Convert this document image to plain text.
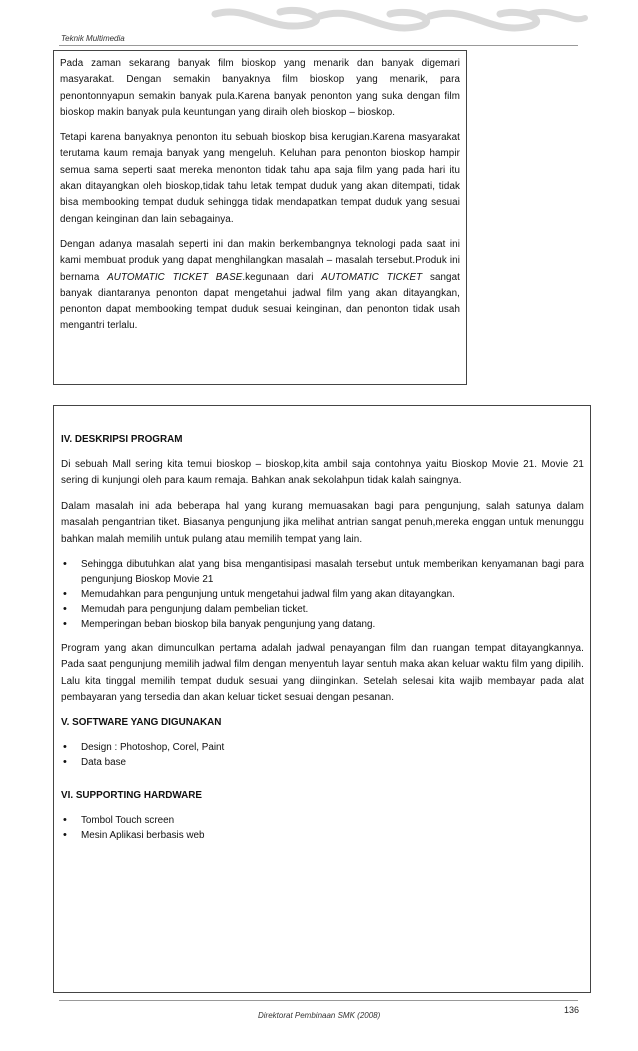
Teknik Multimedia

Pada zaman sekarang banyak film bioskop yang menarik dan banyak digemari masyarakat. Dengan semakin banyaknya film bioskop yang menarik, para penontonnyapun semakin banyak pula.Karena banyak penonton yang suka dengan film bioskop makin banyak pula keuntungan yang diraih oleh bioskop – bioskop.

Tetapi karena banyaknya penonton itu sebuah bioskop bisa kerugian.Karena masyarakat terutama kaum remaja banyak yang mengeluh. Keluhan para penonton bioskop hampir semua sama seperti saat mereka menonton tidak tahu apa saja film yang pada hari itu akan ditayangkan oleh bioskop,tidak tahu letak tempat duduk yang akan ditempati, tidak bisa membooking tempat duduk sehingga tidak mendapatkan tempat duduk yang sesuai dengan keinginan dan lain sebagainya.

Dengan adanya masalah seperti ini dan makin berkembangnya teknologi pada saat ini kami membuat produk yang dapat menghilangkan masalah – masalah tersebut.Produk ini bernama AUTOMATIC TICKET BASE.kegunaan dari AUTOMATIC TICKET sangat banyak diantaranya penonton dapat mengetahui jadwal film yang akan ditayangkan, penonton dapat membooking tempat duduk sesuai keinginan, dan penonton tidak usah mengantri terlalu.

IV. DESKRIPSI PROGRAM

Di sebuah Mall sering kita temui bioskop – bioskop,kita ambil saja contohnya yaitu Bioskop Movie 21. Movie 21 sering di kunjungi oleh para kaum remaja. Bahkan anak sekolahpun tidak kalah saingnya.

Dalam masalah ini ada beberapa hal yang kurang memuasakan bagi para pengunjung, salah satunya dalam masalah pengantrian tiket. Biasanya pengunjung jika melihat antrian sangat penuh,mereka enggan untuk menunggu bahkan malah memilih untuk pulang atau memilih tempat yang lain.

• Sehingga dibutuhkan alat yang bisa mengantisipasi masalah tersebut untuk memberikan kenyamanan bagi para pengunjung Bioskop Movie 21
• Memudahkan para pengunjung untuk mengetahui jadwal film yang akan ditayangkan.
• Memudah para pengunjung dalam pembelian ticket.
• Memperingan beban bioskop bila banyak pengunjung yang datang.

Program yang akan dimunculkan pertama adalah jadwal penayangan film dan ruangan tempat ditayangkannya. Pada saat pengunjung memilih jadwal film dengan menyentuh layar sentuh maka akan keluar waktu film yang dipilih. Lalu kita tinggal memilih tempat duduk sesuai yang diinginkan. Setelah selesai kita wajib membayar pada alat pembayaran yang tersedia dan akan keluar ticket sesuai dengan pesanan.

V. SOFTWARE YANG DIGUNAKAN
• Design : Photoshop, Corel, Paint
• Data base
VI. SUPPORTING HARDWARE
• Tombol Touch screen
• Mesin Aplikasi berbasis web
Direktorat Pembinaan SMK (2008)
136
